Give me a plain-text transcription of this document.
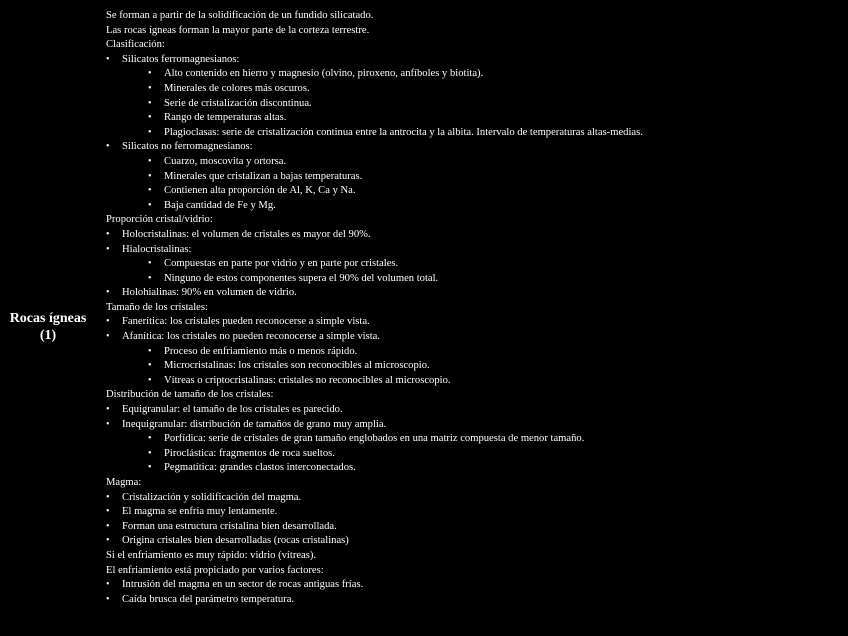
Rocas ígneas
(1)
Se forman a partir de la solidificación de un fundido silicatado.
Las rocas ígneas forman la mayor parte de la corteza terrestre.
Clasificación:
• Silicatos ferromagnesianos:
• Alto contenido en hierro y magnesio (olvino, piroxeno, anfíboles y biotita).
• Minerales de colores más oscuros.
• Serie de cristalización discontinua.
• Rango de temperaturas altas.
• Plagioclasas: serie de cristalización continua entre la antrocita y la albita. Intervalo de temperaturas altas-medias.
• Silicatos no ferromagnesianos:
• Cuarzo, moscovita y ortorsa.
• Minerales que cristalizan a bajas temperaturas.
• Contienen alta proporción de Al, K, Ca y Na.
• Baja cantidad de Fe y Mg.
Proporción cristal/vidrio:
• Holocristalinas: el volumen de cristales es mayor del 90%.
• Hialocristalinas:
• Compuestas en parte por vidrio y en parte por cristales.
• Ninguno de estos componentes supera el 90% del volumen total.
• Holohialinas: 90% en volumen de vidrio.
Tamaño de los cristales:
• Fanerítica: los cristales pueden reconocerse a simple vista.
• Afanítica: los cristales no pueden reconocerse a simple vista.
• Proceso de enfriamiento más o menos rápido.
• Microcristalinas: los cristales son reconocibles al microscopio.
• Vítreas o criptocristalinas: cristales no reconocibles al microscopio.
Distribución de tamaño de los cristales:
• Equigranular: el tamaño de los cristales es parecido.
• Inequigranular: distribución de tamaños de grano muy amplia.
• Porfídica: serie de cristales de gran tamaño englobados en una matriz compuesta de menor tamaño.
• Piroclástica: fragmentos de roca sueltos.
• Pegmatítica: grandes clastos interconectados.
Magma:
• Cristalización y solidificación del magma.
• El magma se enfría muy lentamente.
• Forman una estructura cristalina bien desarrollada.
• Origina cristales bien desarrolladas (rocas cristalinas)
Si el enfriamiento es muy rápido: vidrio (vítreas).
El enfriamiento está propiciado por varios factores:
• Intrusión del magma en un sector de rocas antiguas frías.
• Caída brusca del parámetro temperatura.
